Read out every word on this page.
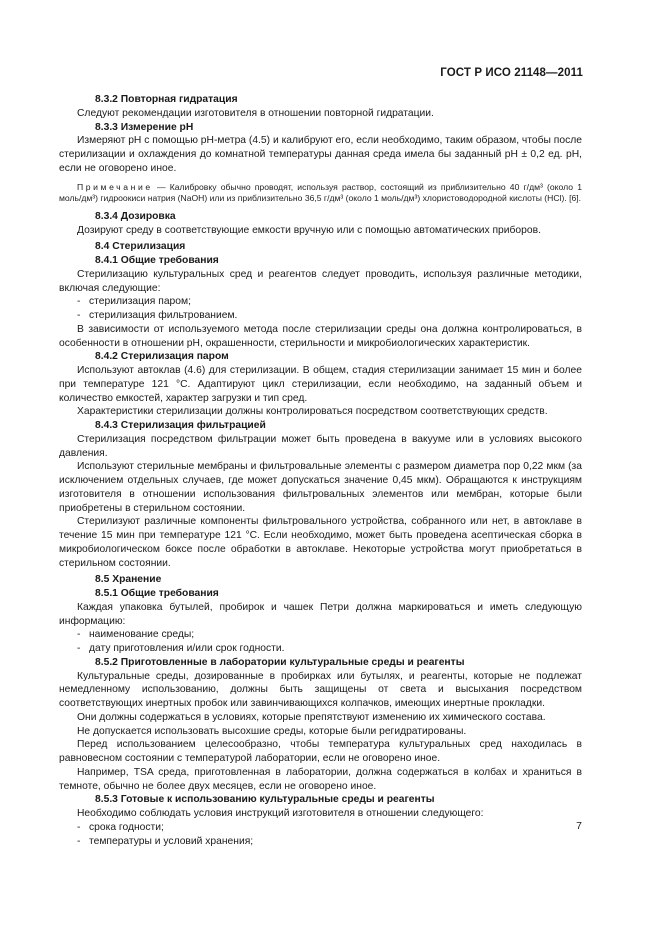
ГОСТ Р ИСО 21148—2011

8.3.2 Повторная гидратация

Следуют рекомендации изготовителя в отношении повторной гидратации.

8.3.3 Измерение рН

Измеряют рН с помощью рН-метра (4.5) и калибруют его, если необходимо, таким образом, чтобы после стерилизации и охлаждения до комнатной температуры данная среда имела бы заданный рН ± 0,2 ед. рН, если не оговорено иное.

Примечание — Калибровку обычно проводят, используя раствор, состоящий из приблизительно 40 г/дм³ (около 1 моль/дм³) гидроокиси натрия (NaOH) или из приблизительно 36,5 г/дм³ (около 1 моль/дм³) хлористоводородной кислоты (HCl). [6].

8.3.4 Дозировка

Дозируют среду в соответствующие емкости вручную или с помощью автоматических приборов.

8.4 Стерилизация

8.4.1 Общие требования

Стерилизацию культуральных сред и реагентов следует проводить, используя различные методики, включая следующие:

- стерилизация паром;

- стерилизация фильтрованием.

В зависимости от используемого метода после стерилизации среды она должна контролироваться, в особенности в отношении рН, окрашенности, стерильности и микробиологических характеристик.

8.4.2 Стерилизация паром

Используют автоклав (4.6) для стерилизации. В общем, стадия стерилизации занимает 15 мин и более при температуре 121 °С. Адаптируют цикл стерилизации, если необходимо, на заданный объем и количество емкостей, характер загрузки и тип сред.

Характеристики стерилизации должны контролироваться посредством соответствующих средств.

8.4.3 Стерилизация фильтрацией

Стерилизация посредством фильтрации может быть проведена в вакууме или в условиях высокого давления.

Используют стерильные мембраны и фильтровальные элементы с размером диаметра пор 0,22 мкм (за исключением отдельных случаев, где может допускаться значение 0,45 мкм). Обращаются к инструкциям изготовителя в отношении использования фильтровальных элементов или мембран, которые были приобретены в стерильном состоянии.

Стерилизуют различные компоненты фильтровального устройства, собранного или нет, в автоклаве в течение 15 мин при температуре 121 °С. Если необходимо, может быть проведена асептическая сборка в микробиологическом боксе после обработки в автоклаве. Некоторые устройства могут приобретаться в стерильном состоянии.

8.5 Хранение

8.5.1 Общие требования

Каждая упаковка бутылей, пробирок и чашек Петри должна маркироваться и иметь следующую информацию:

- наименование среды;

- дату приготовления и/или срок годности.

8.5.2 Приготовленные в лаборатории культуральные среды и реагенты

Культуральные среды, дозированные в пробирках или бутылях, и реагенты, которые не подлежат немедленному использованию, должны быть защищены от света и высыхания посредством соответствующих инертных пробок или завинчивающихся колпачков, имеющих инертные прокладки.

Они должны содержаться в условиях, которые препятствуют изменению их химического состава.

Не допускается использовать высохшие среды, которые были регидратированы.

Перед использованием целесообразно, чтобы температура культуральных сред находилась в равновесном состоянии с температурой лаборатории, если не оговорено иное.

Например, TSA среда, приготовленная в лаборатории, должна содержаться в колбах и храниться в темноте, обычно не более двух месяцев, если не оговорено иное.

8.5.3 Готовые к использованию культуральные среды и реагенты

Необходимо соблюдать условия инструкций изготовителя в отношении следующего:

- срока годности;

- температуры и условий хранения;

7
